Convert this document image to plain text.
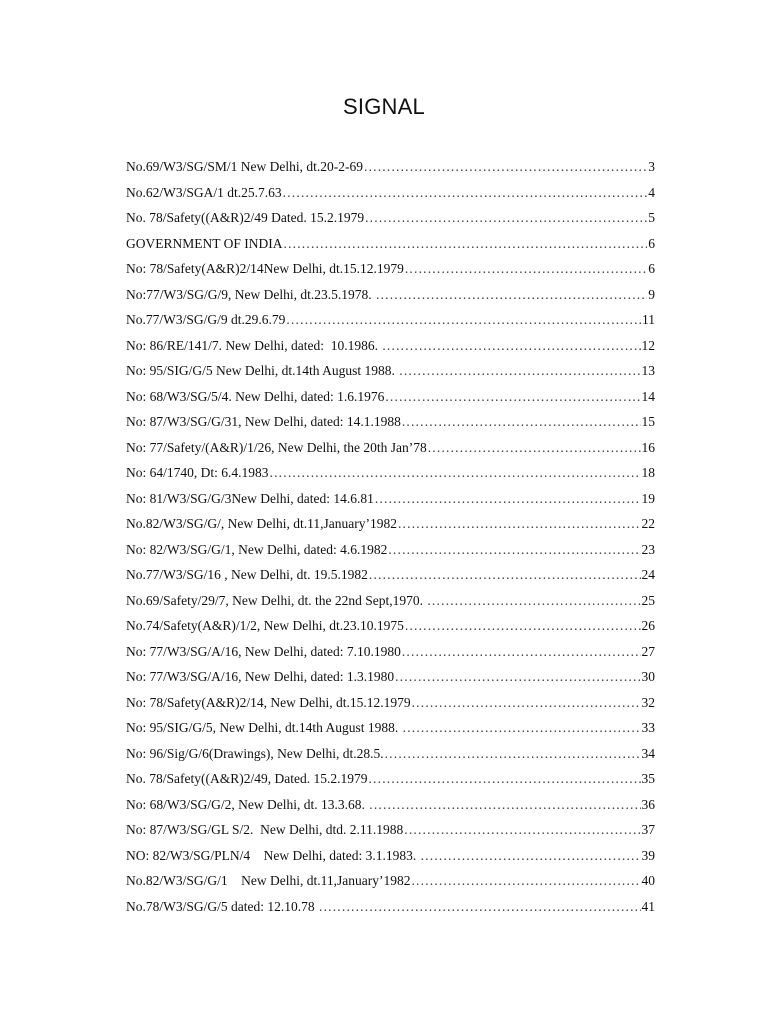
SIGNAL
No.69/W3/SG/SM/1 New Delhi, dt.20-2-69 .....	3
No.62/W3/SGA/1 dt.25.7.63 .....	4
No. 78/Safety((A&R)2/49 Dated. 15.2.1979 .....	5
GOVERNMENT OF INDIA .....	6
No: 78/Safety(A&R)2/14New Delhi, dt.15.12.1979 .....	6
No:77/W3/SG/G/9, New Delhi, dt.23.5.1978. .....	9
No.77/W3/SG/G/9 dt.29.6.79 .....	11
No: 86/RE/141/7. New Delhi, dated:  10.1986. .....	12
No: 95/SIG/G/5 New Delhi, dt.14th August 1988. .....	13
No: 68/W3/SG/5/4. New Delhi, dated: 1.6.1976 .....	14
No: 87/W3/SG/G/31, New Delhi, dated: 14.1.1988 .....	15
No: 77/Safety/(A&R)/1/26, New Delhi, the 20th Jan’78 .....	16
No: 64/1740, Dt: 6.4.1983 .....	18
No: 81/W3/SG/G/3New Delhi, dated: 14.6.81 .....	19
No.82/W3/SG/G/, New Delhi, dt.11,January’1982 .....	22
No: 82/W3/SG/G/1, New Delhi, dated: 4.6.1982 .....	23
No.77/W3/SG/16 , New Delhi, dt. 19.5.1982 .....	24
No.69/Safety/29/7, New Delhi, dt. the 22nd Sept,1970. .....	25
No.74/Safety(A&R)/1/2, New Delhi, dt.23.10.1975 .....	26
No: 77/W3/SG/A/16, New Delhi, dated: 7.10.1980 .....	27
No: 77/W3/SG/A/16, New Delhi, dated: 1.3.1980 .....	30
No: 78/Safety(A&R)2/14, New Delhi, dt.15.12.1979 .....	32
No: 95/SIG/G/5, New Delhi, dt.14th August 1988. .....	33
No: 96/Sig/G/6(Drawings), New Delhi, dt.28.5. .....	34
No. 78/Safety((A&R)2/49, Dated. 15.2.1979 .....	35
No: 68/W3/SG/G/2, New Delhi, dt. 13.3.68. .....	36
No: 87/W3/SG/GL S/2.  New Delhi, dtd. 2.11.1988 .....	37
NO: 82/W3/SG/PLN/4    New Delhi, dated: 3.1.1983. .....	39
No.82/W3/SG/G/1    New Delhi, dt.11,January’1982 .....	40
No.78/W3/SG/G/5 dated: 12.10.78 .....	41
